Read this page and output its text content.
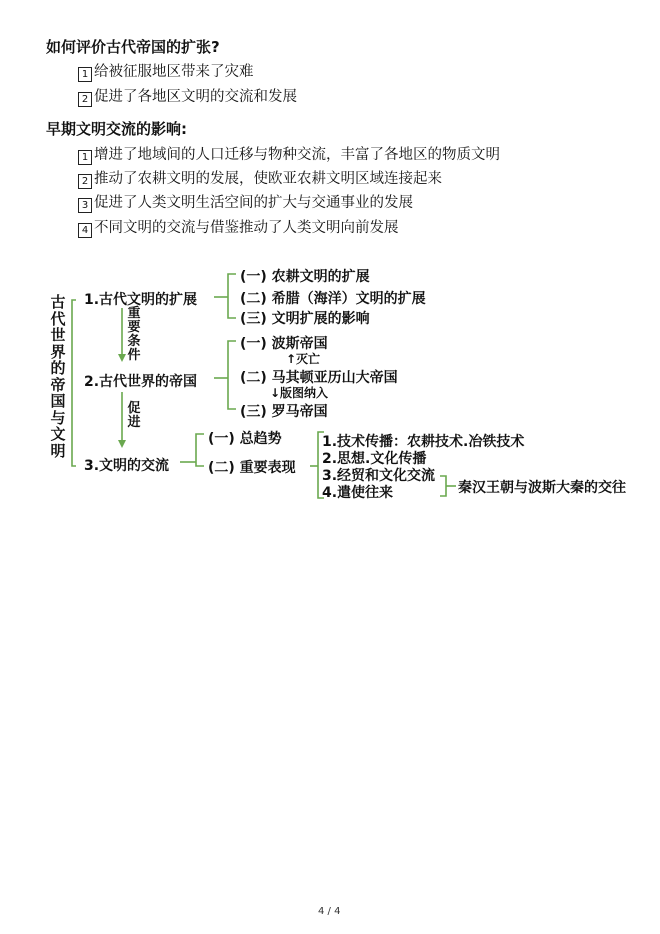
如何评价古代帝国的扩张?
1 给被征服地区带来了灾难
2 促进了各地区文明的交流和发展
早期文明交流的影响:
1 增进了地域间的人口迁移与物种交流，丰富了各地区的物质文明
2 推动了农耕文明的发展，使欧亚农耕文明区域连接起来
3 促进了人类文明生活空间的扩大与交通事业的发展
4 不同文明的交流与借鉴推动了人类文明向前发展
古代世界的帝国与文明
1.古代文明的扩展
重要条件
(一) 农耕文明的扩展
(二) 希腊（海洋）文明的扩展
(三) 文明扩展的影响
2.古代世界的帝国
(一) 波斯帝国
↑灭亡
(二) 马其顿亚历山大帝国
↓版图纳入
(三) 罗马帝国
促进
3.文明的交流
(一) 总趋势
(二) 重要表现
1.技术传播：农耕技术.冶铁技术
2.思想.文化传播
3.经贸和文化交流
4.遣使往来	秦汉王朝与波斯大秦的交往
4 / 4
